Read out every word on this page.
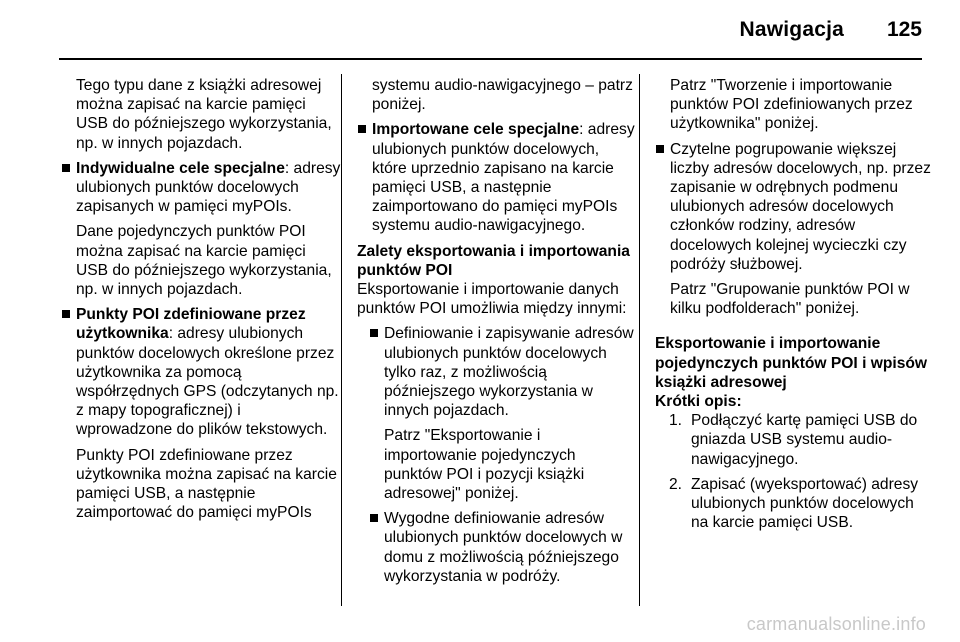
Nawigacja 125

Tego typu dane z książki adresowej można zapisać na karcie pamięci USB do późniejszego wykorzystania, np. w innych pojazdach.

Indywidualne cele specjalne: adresy ulubionych punktów docelowych zapisanych w pamięci myPOIs.

Dane pojedynczych punktów POI można zapisać na karcie pamięci USB do późniejszego wykorzystania, np. w innych pojazdach.

Punkty POI zdefiniowane przez użytkownika: adresy ulubionych punktów docelowych określone przez użytkownika za pomocą współrzędnych GPS (odczytanych np. z mapy topograficznej) i wprowadzone do plików tekstowych.

Punkty POI zdefiniowane przez użytkownika można zapisać na karcie pamięci USB, a następnie zaimportować do pamięci myPOIs

systemu audio-nawigacyjnego – patrz poniżej.

Importowane cele specjalne: adresy ulubionych punktów docelowych, które uprzednio zapisano na karcie pamięci USB, a następnie zaimportowano do pamięci myPOIs systemu audio-nawigacyjnego.

Zalety eksportowania i importowania punktów POI

Eksportowanie i importowanie danych punktów POI umożliwia między innymi:

Definiowanie i zapisywanie adresów ulubionych punktów docelowych tylko raz, z możliwością późniejszego wykorzystania w innych pojazdach.

Patrz "Eksportowanie i importowanie pojedynczych punktów POI i pozycji książki adresowej" poniżej.

Wygodne definiowanie adresów ulubionych punktów docelowych w domu z możliwością późniejszego wykorzystania w podróży.

Patrz "Tworzenie i importowanie punktów POI zdefiniowanych przez użytkownika" poniżej.

Czytelne pogrupowanie większej liczby adresów docelowych, np. przez zapisanie w odrębnych podmenu ulubionych adresów docelowych członków rodziny, adresów docelowych kolejnej wycieczki czy podróży służbowej.

Patrz "Grupowanie punktów POI w kilku podfolderach" poniżej.

Eksportowanie i importowanie pojedynczych punktów POI i wpisów książki adresowej

Krótki opis:

1. Podłączyć kartę pamięci USB do gniazda USB systemu audio-nawigacyjnego.
2. Zapisać (wyeksportować) adresy ulubionych punktów docelowych na karcie pamięci USB.
carmanualsonline.info
